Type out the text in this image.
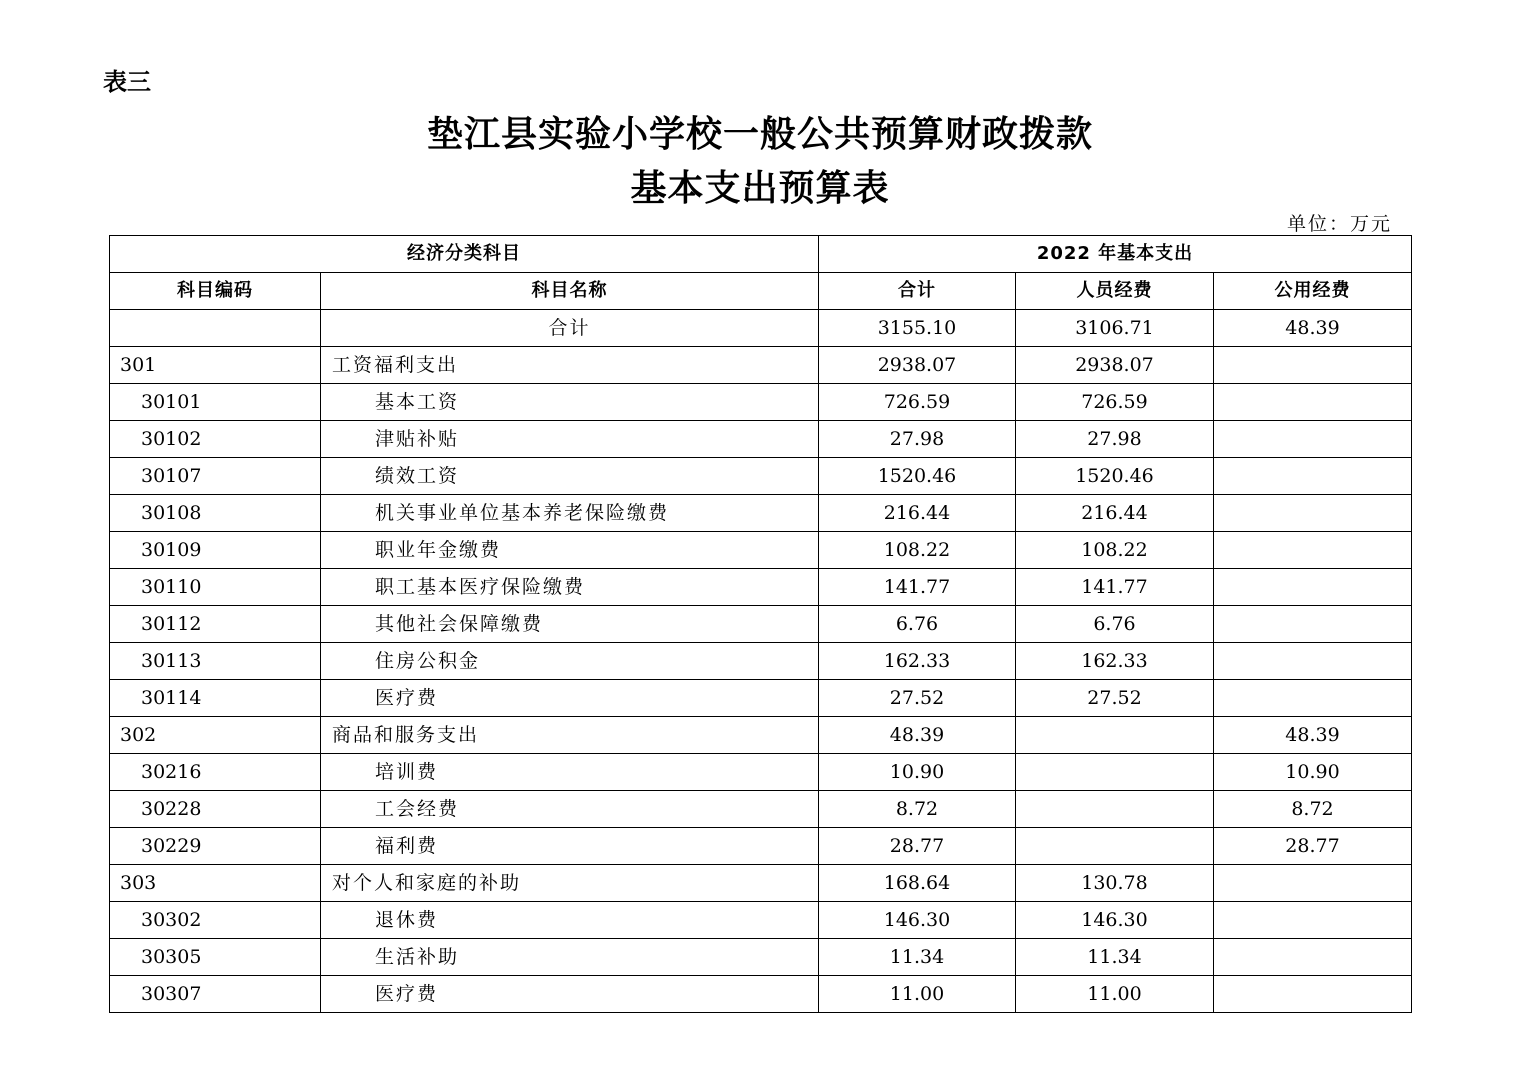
表三
垫江县实验小学校一般公共预算财政拨款
基本支出预算表
单位：万元
经济分类科目		2022 年基本支出		
科目编码	科目名称	合计	人员经费	公用经费
	合计	3155.10	3106.71	48.39
301	工资福利支出	2938.07	2938.07	
30101	基本工资	726.59	726.59	
30102	津贴补贴	27.98	27.98	
30107	绩效工资	1520.46	1520.46	
30108	机关事业单位基本养老保险缴费	216.44	216.44	
30109	职业年金缴费	108.22	108.22	
30110	职工基本医疗保险缴费	141.77	141.77	
30112	其他社会保障缴费	6.76	6.76	
30113	住房公积金	162.33	162.33	
30114	医疗费	27.52	27.52	
302	商品和服务支出	48.39		48.39
30216	培训费	10.90		10.90
30228	工会经费	8.72		8.72
30229	福利费	28.77		28.77
303	对个人和家庭的补助	168.64	130.78	
30302	退休费	146.30	146.30	
30305	生活补助	11.34	11.34	
30307	医疗费	11.00	11.00	
